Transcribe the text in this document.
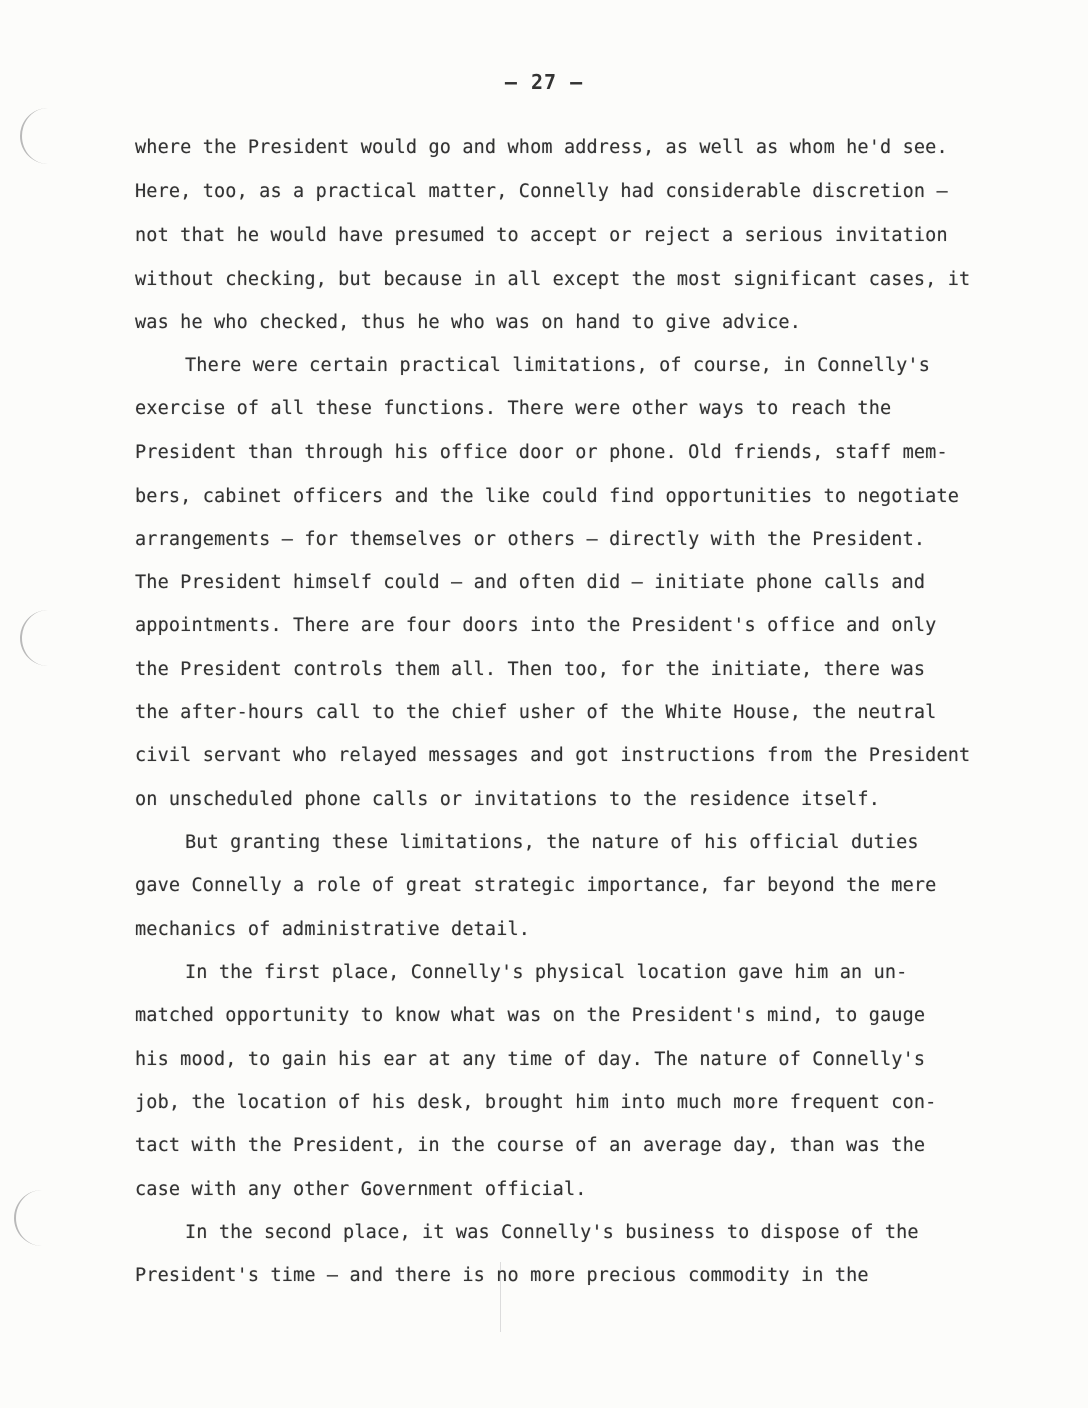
— 27 —
where the President would go and whom address, as well as whom he'd see.
Here, too, as a practical matter, Connelly had considerable discretion —
not that he would have presumed to accept or reject a serious invitation
without checking, but because in all except the most significant cases, it
was he who checked, thus he who was on hand to give advice.
There were certain practical limitations, of course, in Connelly's
exercise of all these functions. There were other ways to reach the
President than through his office door or phone. Old friends, staff mem-
bers, cabinet officers and the like could find opportunities to negotiate
arrangements — for themselves or others — directly with the President.
The President himself could — and often did — initiate phone calls and
appointments. There are four doors into the President's office and only
the President controls them all. Then too, for the initiate, there was
the after-hours call to the chief usher of the White House, the neutral
civil servant who relayed messages and got instructions from the President
on unscheduled phone calls or invitations to the residence itself.
But granting these limitations, the nature of his official duties
gave Connelly a role of great strategic importance, far beyond the mere
mechanics of administrative detail.
In the first place, Connelly's physical location gave him an un-
matched opportunity to know what was on the President's mind, to gauge
his mood, to gain his ear at any time of day. The nature of Connelly's
job, the location of his desk, brought him into much more frequent con-
tact with the President, in the course of an average day, than was the
case with any other Government official.
In the second place, it was Connelly's business to dispose of the
President's time — and there is no more precious commodity in the
